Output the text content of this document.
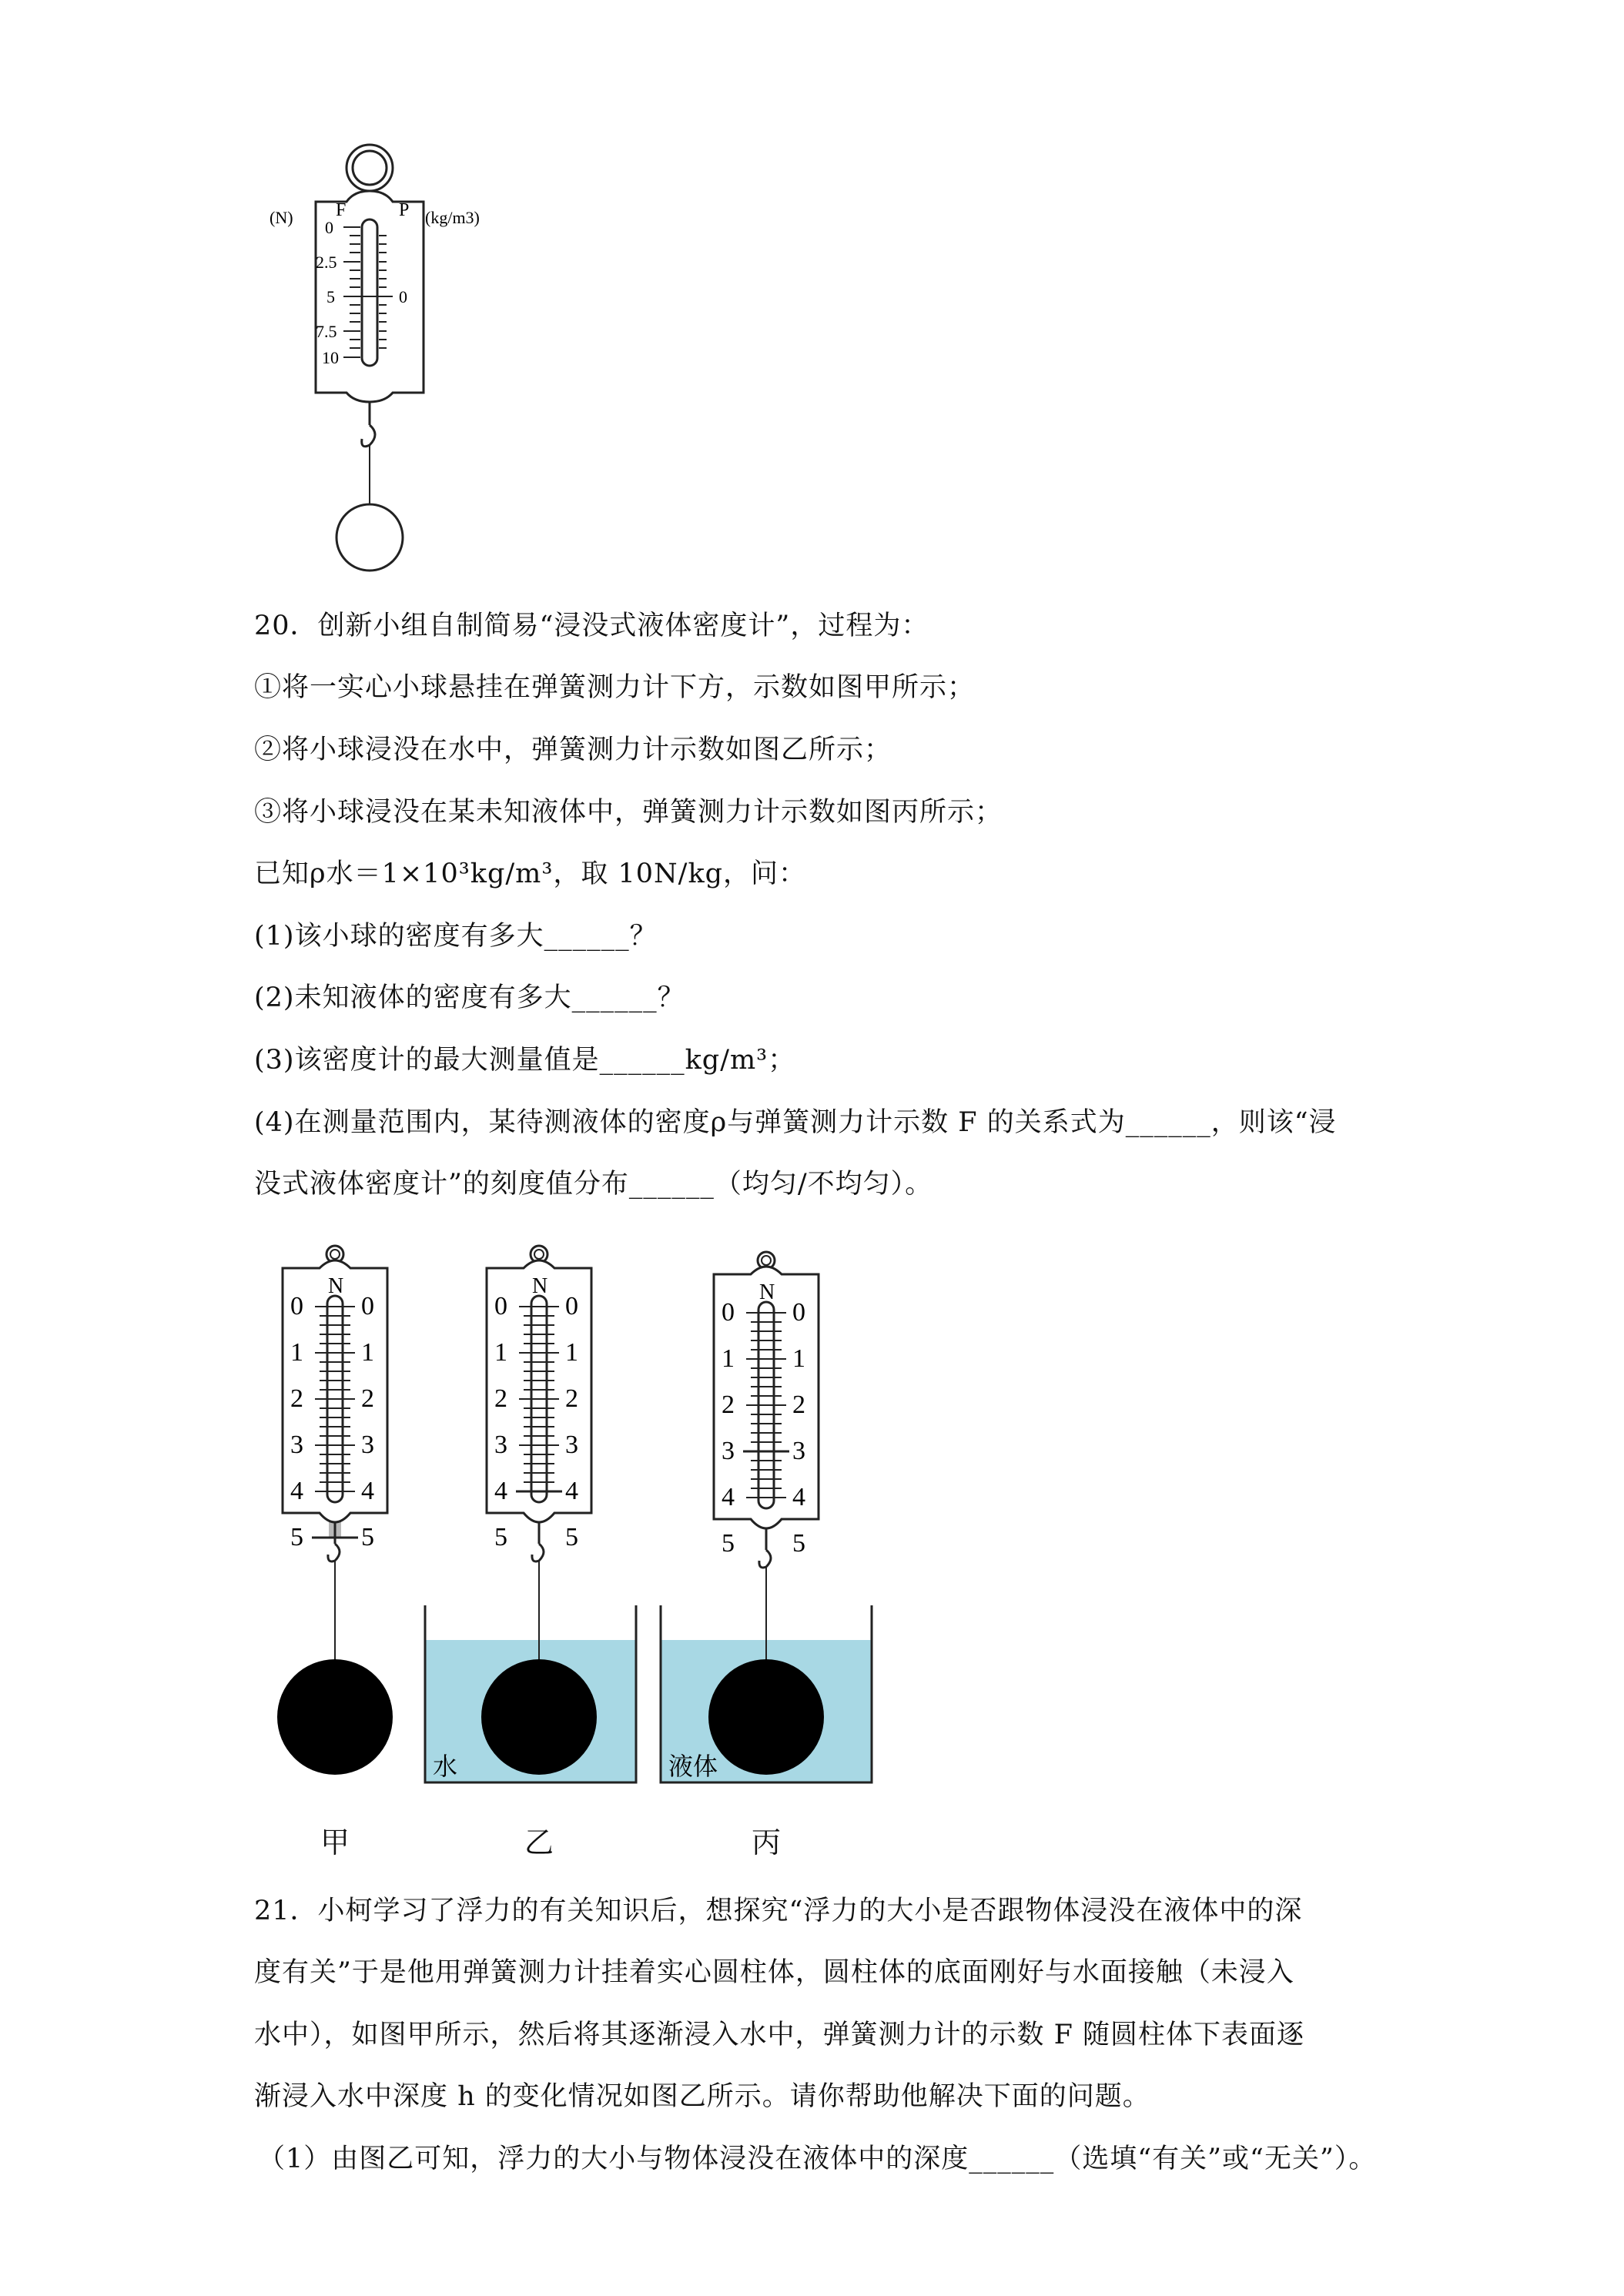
(N) F	P (kg/m3)
0
2.5
5
7.5
10
0
20．创新小组自制简易“浸没式液体密度计”，过程为：
①将一实心小球悬挂在弹簧测力计下方，示数如图甲所示；
②将小球浸没在水中，弹簧测力计示数如图乙所示；
③将小球浸没在某未知液体中，弹簧测力计示数如图丙所示；
已知ρ水＝1×10³kg/m³，取 10N/kg，问：
(1)该小球的密度有多大______？
(2)未知液体的密度有多大______？
(3)该密度计的最大测量值是______kg/m³；
(4)在测量范围内，某待测液体的密度ρ与弹簧测力计示数 F 的关系式为______，则该“浸
没式液体密度计”的刻度值分布______（均匀/不均匀）。
N
0 0
1 1
2 2
3 3
4 4
5 5
N
0 0
1 1
2 2
3 3
4 4
5 5
N
0 0
1 1
2 2
3 3
4 4
5 5
水	液体
甲	乙	丙
21．小柯学习了浮力的有关知识后，想探究“浮力的大小是否跟物体浸没在液体中的深
度有关”于是他用弹簧测力计挂着实心圆柱体，圆柱体的底面刚好与水面接触（未浸入
水中），如图甲所示，然后将其逐渐浸入水中，弹簧测力计的示数 F 随圆柱体下表面逐
渐浸入水中深度 h 的变化情况如图乙所示。请你帮助他解决下面的问题。
（1）由图乙可知，浮力的大小与物体浸没在液体中的深度______（选填“有关”或“无关”）。
